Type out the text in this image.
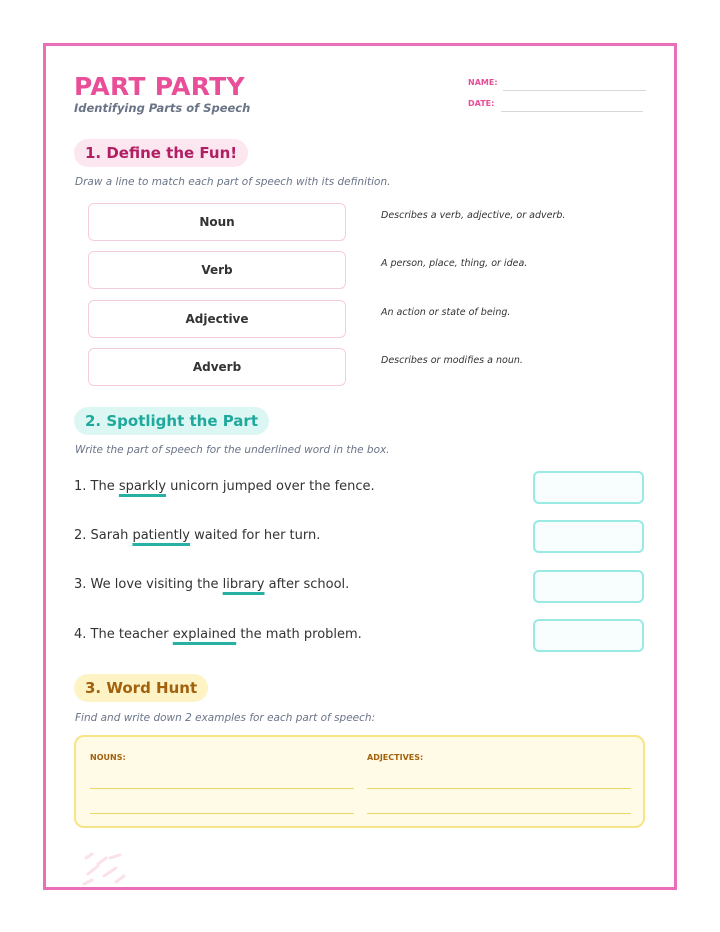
PART PARTY
Identifying Parts of Speech
NAME:
DATE:
1. Define the Fun!
Draw a line to match each part of speech with its definition.
Noun
Verb
Adjective
Adverb
Describes a verb, adjective, or adverb.
A person, place, thing, or idea.
An action or state of being.
Describes or modifies a noun.
2. Spotlight the Part
Write the part of speech for the underlined word in the box.
1. The sparkly unicorn jumped over the fence.
2. Sarah patiently waited for her turn.
3. We love visiting the library after school.
4. The teacher explained the math problem.
3. Word Hunt
Find and write down 2 examples for each part of speech:
NOUNS:	ADJECTIVES:
